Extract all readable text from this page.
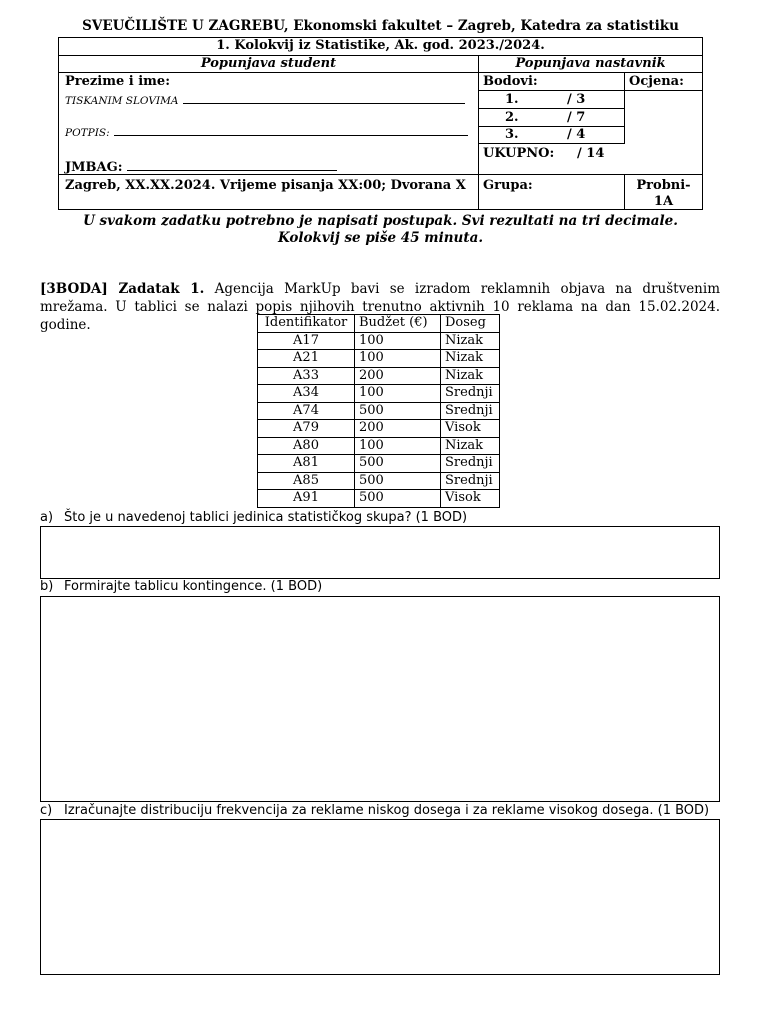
SVEUČILIŠTE U ZAGREBU, Ekonomski fakultet – Zagreb, Katedra za statistiku
1. Kolokvij iz Statistike, Ak. god. 2023./2024.
Popunjava student	Popunjava nastavnik
Prezime i ime:
TISKANIM SLOVIMA
POTPIS:
JMBAG:
Bodovi:	Ocjena:
1.	/ 3
2.	/ 7
3.	/ 4
UKUPNO: / 14
Zagreb, XX.XX.2024. Vrijeme pisanja XX:00; Dvorana X Grupa:	Probni-
1A
U svakom zadatku potrebno je napisati postupak. Svi rezultati na tri decimale.
Kolokvij se piše 45 minuta.
[3BODA] Zadatak 1. Agencija MarkUp bavi se izradom reklamnih objava na društvenim mrežama. U tablici se nalazi popis njihovih trenutno aktivnih 10 reklama na dan 15.02.2024. godine.	Identifikator	Budžet (€)	Doseg
A17	100	Nizak
A21	100	Nizak
A33	200	Nizak
A34	100	Srednji
A74	500	Srednji
A79	200	Visok
A80	100	Nizak
A81	500	Srednji
A85	500	Srednji
A91	500	Visok
a) Što je u navedenoj tablici jedinica statističkog skupa? (1 BOD)
b) Formirajte tablicu kontingence. (1 BOD)
c) Izračunajte distribuciju frekvencija za reklame niskog dosega i za reklame visokog dosega. (1 BOD)
